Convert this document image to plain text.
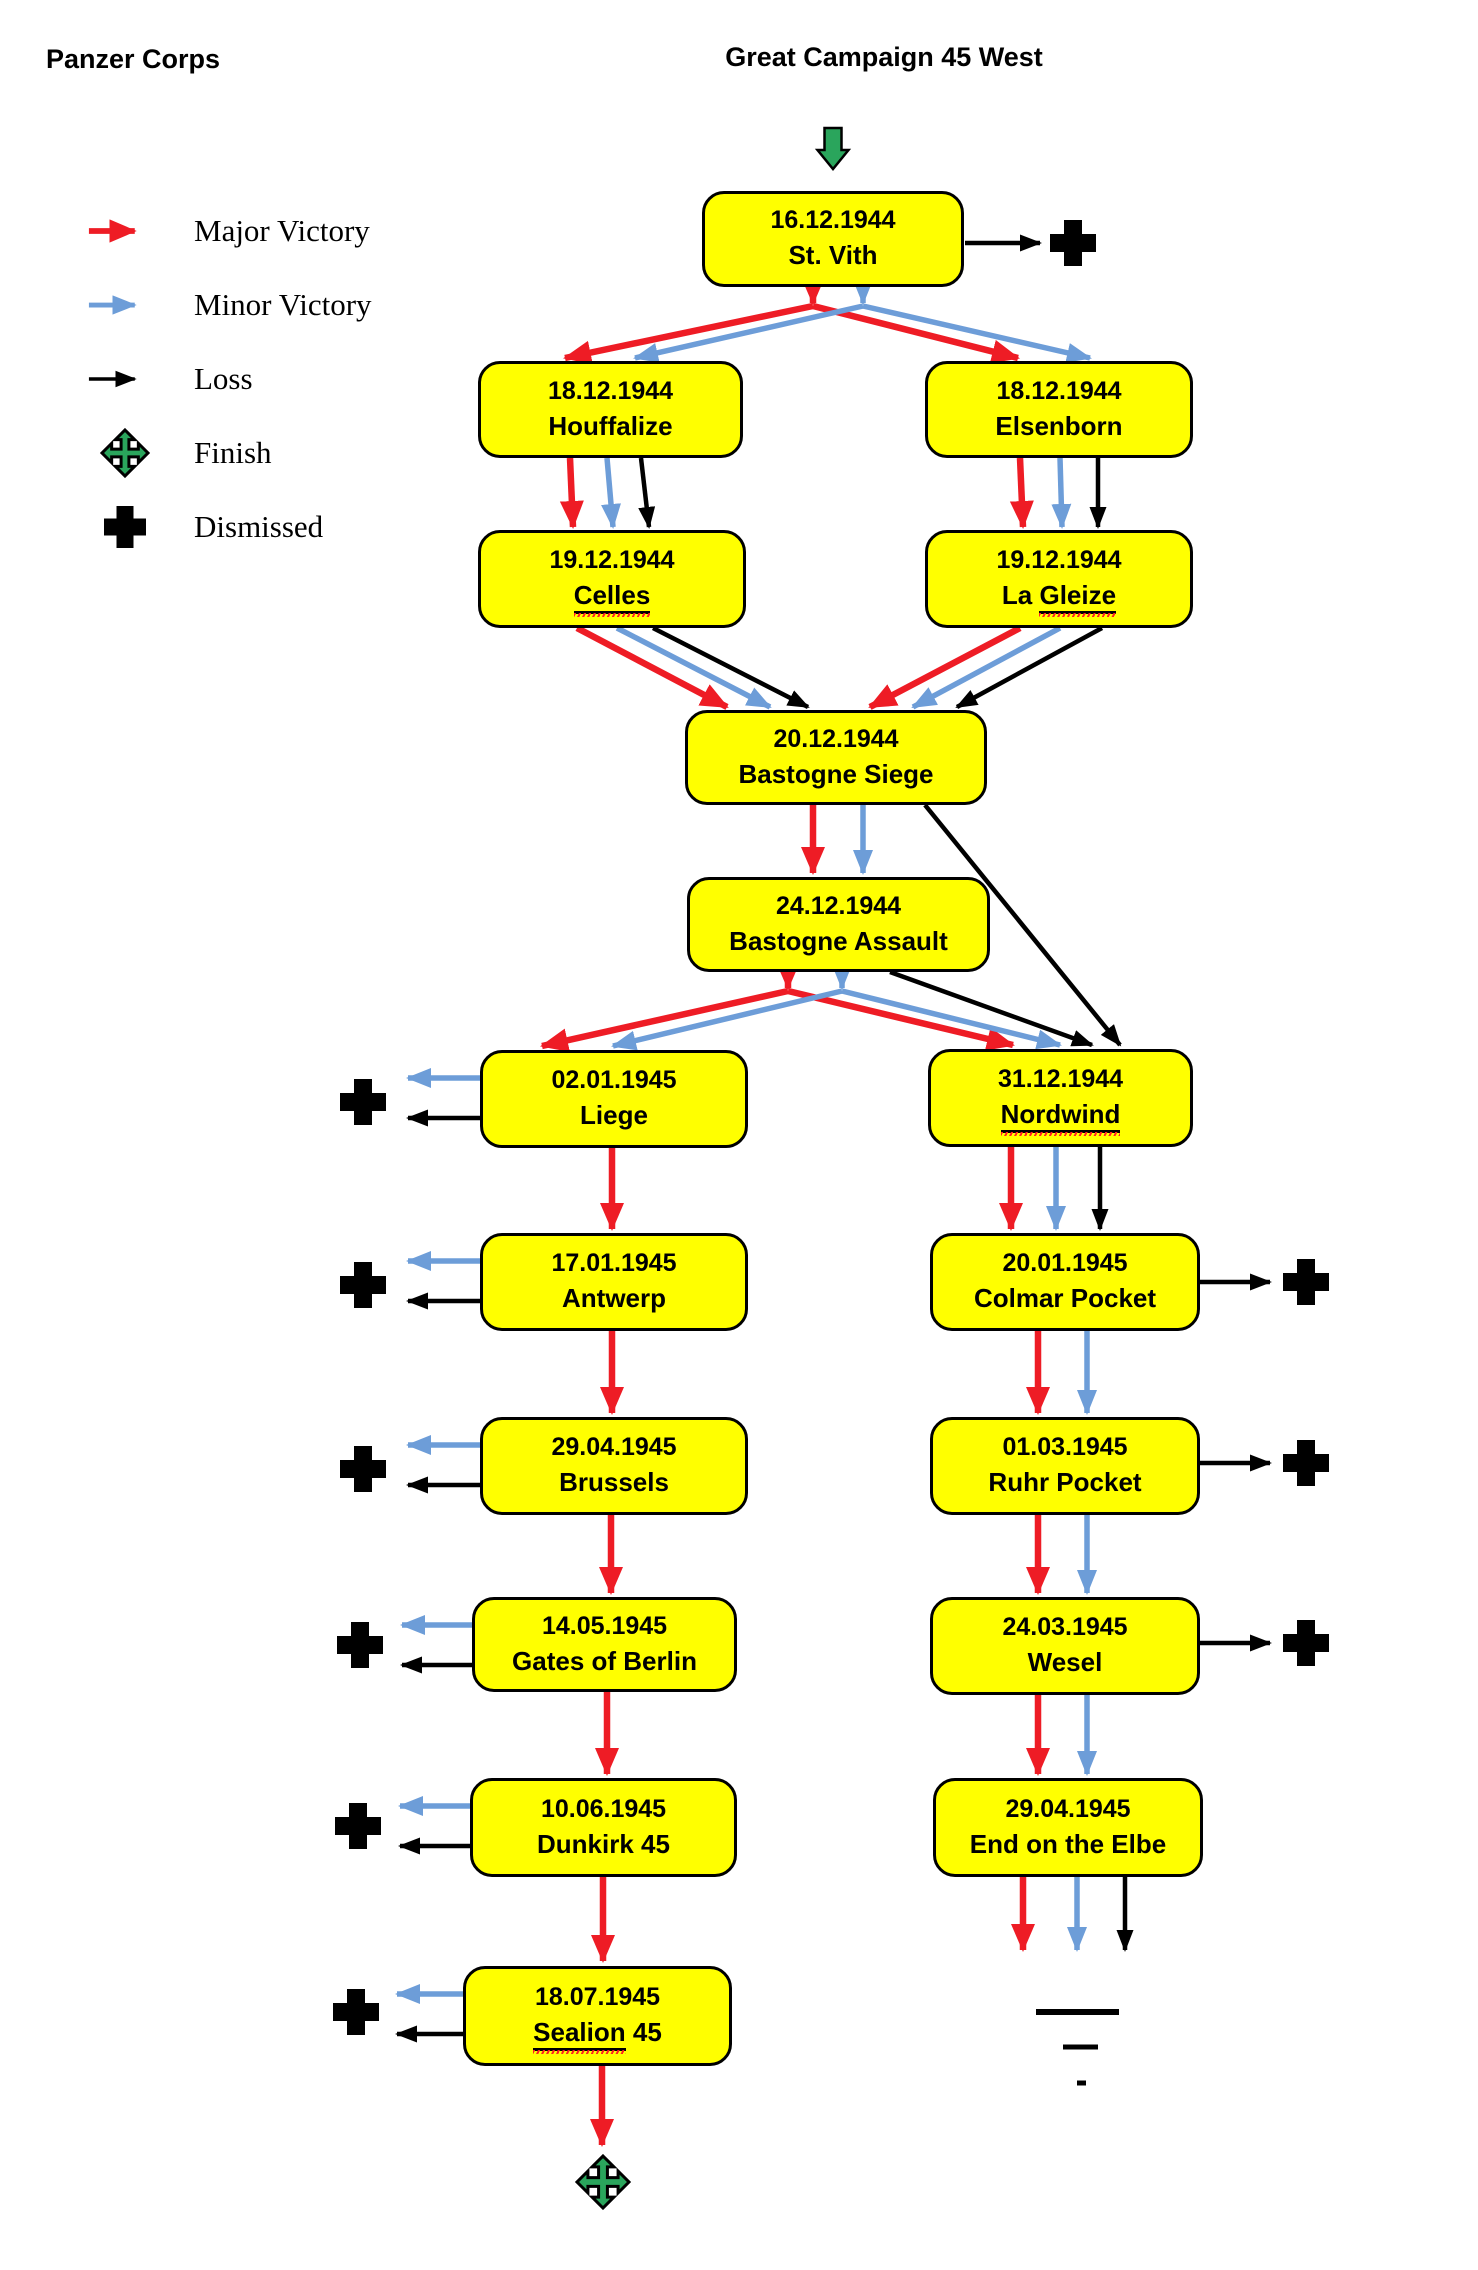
Panzer Corps	Great Campaign 45 West
Major Victory
Minor Victory
Loss
Finish
Dismissed
16.12.1944
St. Vith
18.12.1944
Houffalize
18.12.1944
Elsenborn
19.12.1944
Celles
19.12.1944
La Gleize
20.12.1944
Bastogne Siege
24.12.1944
Bastogne Assault
02.01.1945
Liege
31.12.1944
Nordwind
17.01.1945
Antwerp
20.01.1945
Colmar Pocket
29.04.1945
Brussels
01.03.1945
Ruhr Pocket
14.05.1945
Gates of Berlin
24.03.1945
Wesel
10.06.1945
Dunkirk 45
29.04.1945
End on the Elbe
18.07.1945
Sealion 45
